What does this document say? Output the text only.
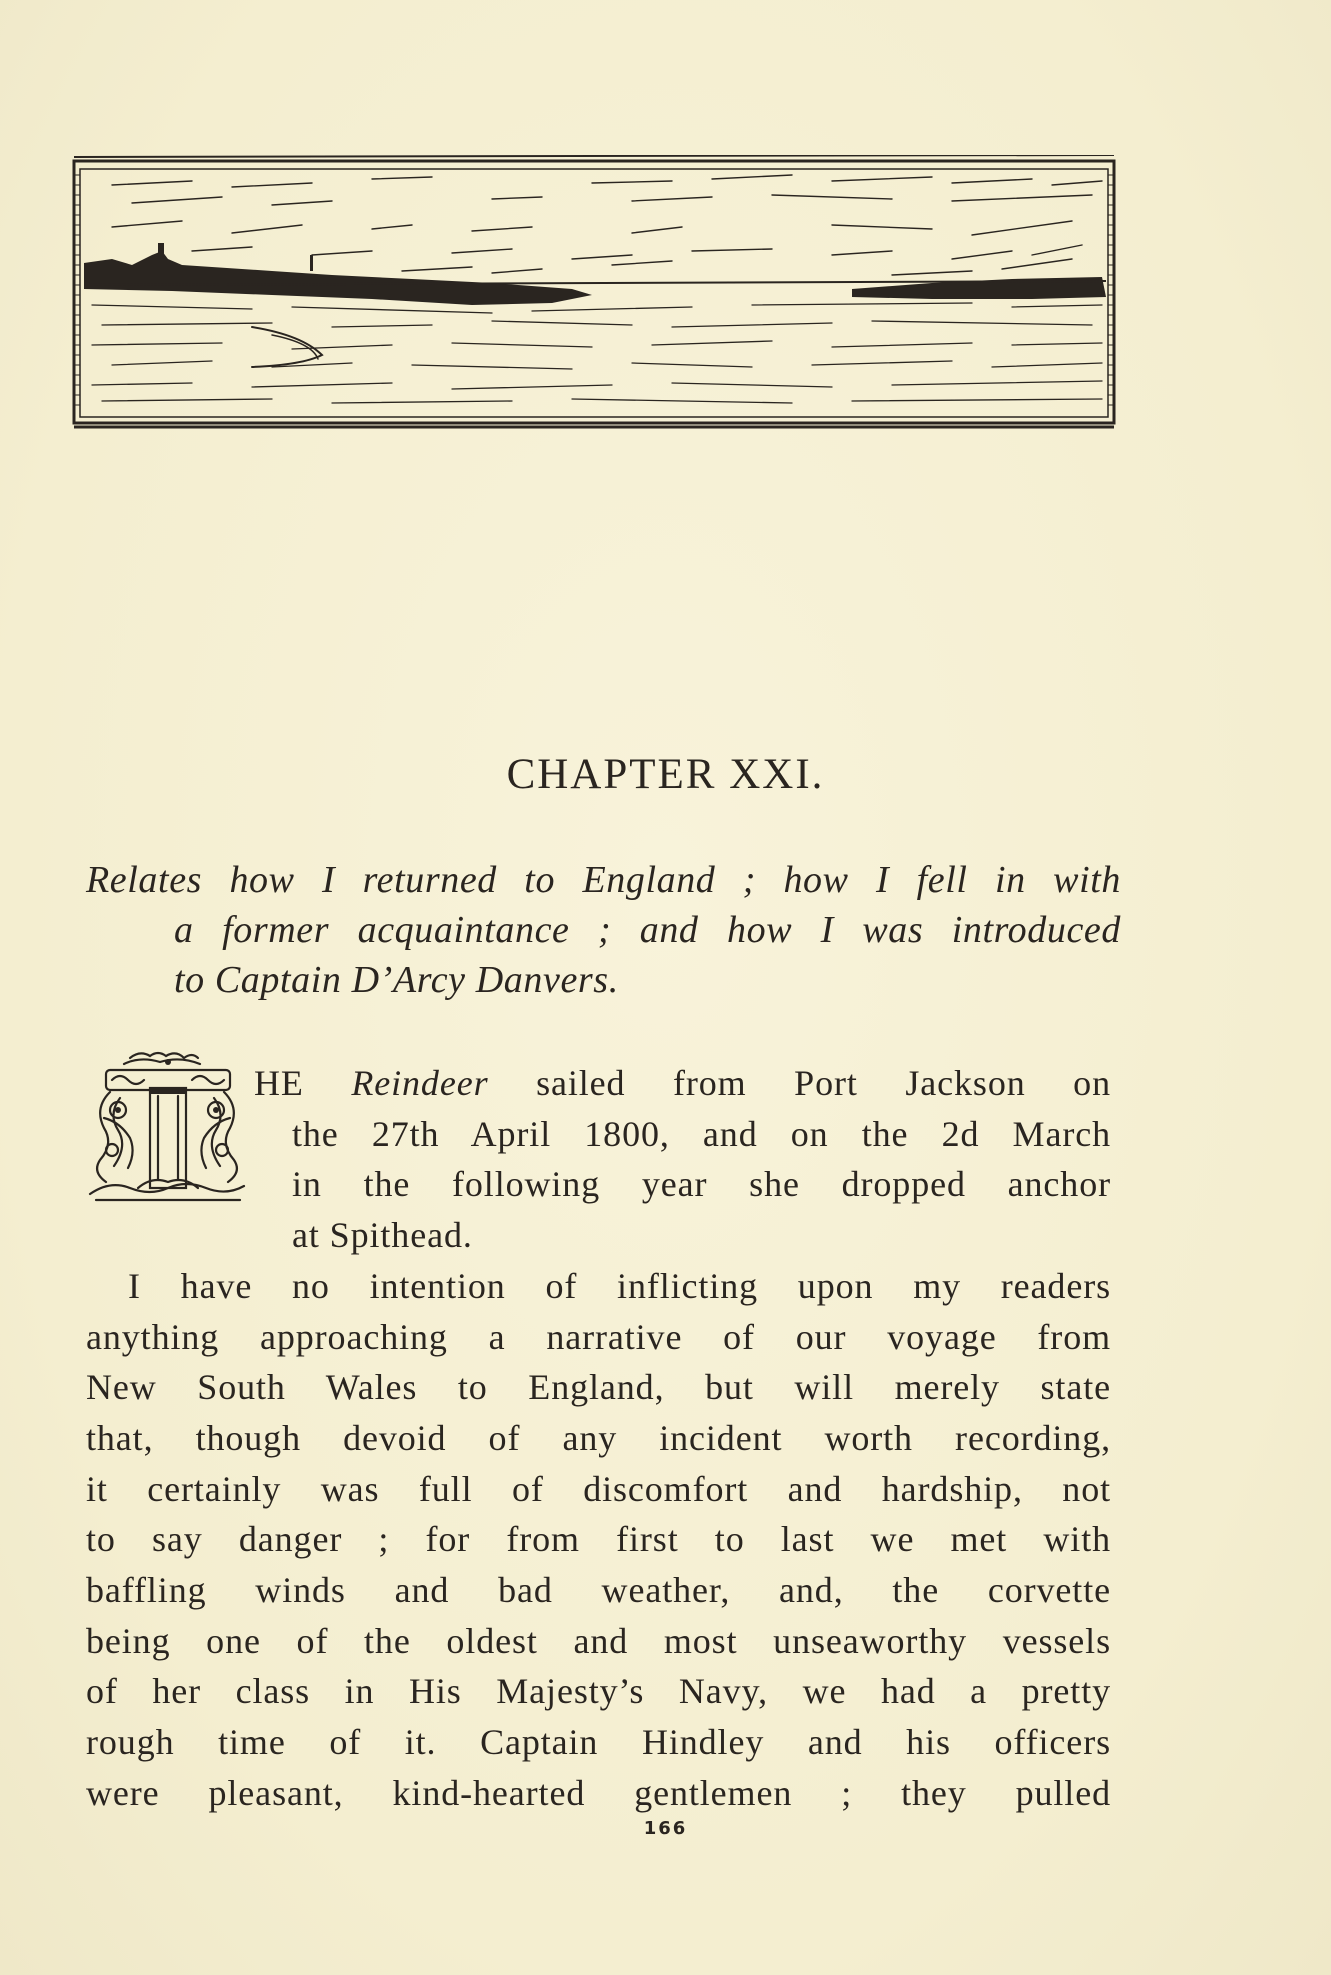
CHAPTER XXI.
Relates how I returned to England ; how I fell in with
a former acquaintance ; and how I was introduced
to Captain D’Arcy Danvers.
HE Reindeer sailed from Port Jackson on
the 27th April 1800, and on the 2d March
in the following year she dropped anchor
at Spithead.
I have no intention of inflicting upon my readers
anything approaching a narrative of our voyage from
New South Wales to England, but will merely state
that, though devoid of any incident worth recording,
it certainly was full of discomfort and hardship, not
to say danger ; for from first to last we met with
baffling winds and bad weather, and, the corvette
being one of the oldest and most unseaworthy vessels
of her class in His Majesty’s Navy, we had a pretty
rough time of it. Captain Hindley and his officers
were pleasant, kind-hearted gentlemen ; they pulled
166
